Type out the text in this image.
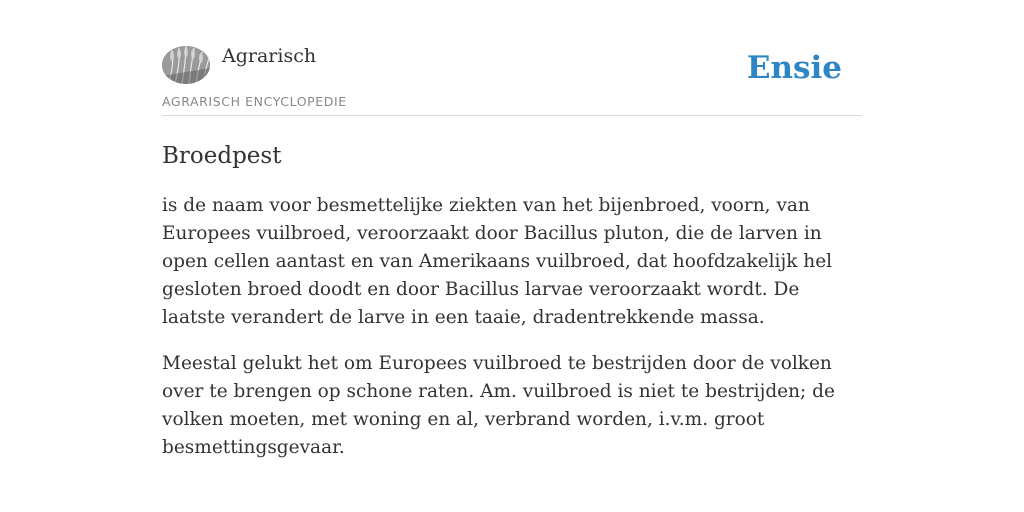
Agrarisch
AGRARISCH ENCYCLOPEDIE
Ensie
Broedpest

is de naam voor besmettelijke ziekten van het bijenbroed, voorn, van Europees vuilbroed, veroorzaakt door Bacillus pluton, die de larven in open cellen aantast en van Amerikaans vuilbroed, dat hoofdzakelijk hel gesloten broed doodt en door Bacillus larvae veroorzaakt wordt. De laatste verandert de larve in een taaie, dradentrekkende massa.

Meestal gelukt het om Europees vuilbroed te bestrijden door de volken over te brengen op schone raten. Am. vuilbroed is niet te bestrijden; de volken moeten, met woning en al, verbrand worden, i.v.m. groot besmettingsgevaar.
